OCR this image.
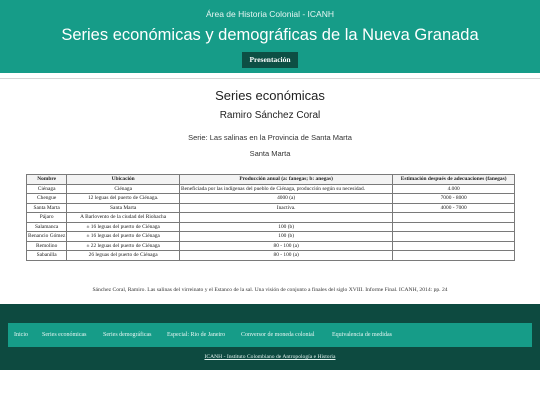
Área de Historia Colonial - ICANH
Series económicas y demográficas de la Nueva Granada
Presentación
Series económicas
Ramiro Sánchez Coral
Serie: Las salinas en la Provincia de Santa Marta
Santa Marta
Nombre	Ubicación	Producción anual (a: fanegas; b: anegas)	Estimación después de adecuaciones (fanegas)
Ciénaga	Ciénaga	Beneficiada por las indígenas del pueblo de Ciénaga, producción según su necesidad.	4.000
Chengue	12 leguas del puerto de Ciénaga.	4000 (a)	7000 - 8000
Santa Marta	Santa Marta	Inactiva.	4000 - 7000
Pájaro	A Barlovento de la ciudad del Riohacha		
Salamanca	± 16 leguas del puerto de Ciénaga	100 (b)	
Benancio Gómez	± 16 leguas del puerto de Ciénaga	100 (b)	
Remolino	± 22 leguas del puerto de Ciénaga	80 - 100 (a)	
Sabanilla	26 leguas del puerto de Ciénaga	80 - 100 (a)	
Sánchez Coral, Ramiro. Las salinas del virreinato y el Estanco de la sal. Una visión de conjunto a finales del siglo XVIII. Informe Final. ICANH, 2014: pp. 24
Inicio Series económicas	Series demográficas	Especial: Rio de Janeiro	Conversor de moneda colonial	Equivalencia de medidas
ICANH - Instituto Colombiano de Antropología e Historia
